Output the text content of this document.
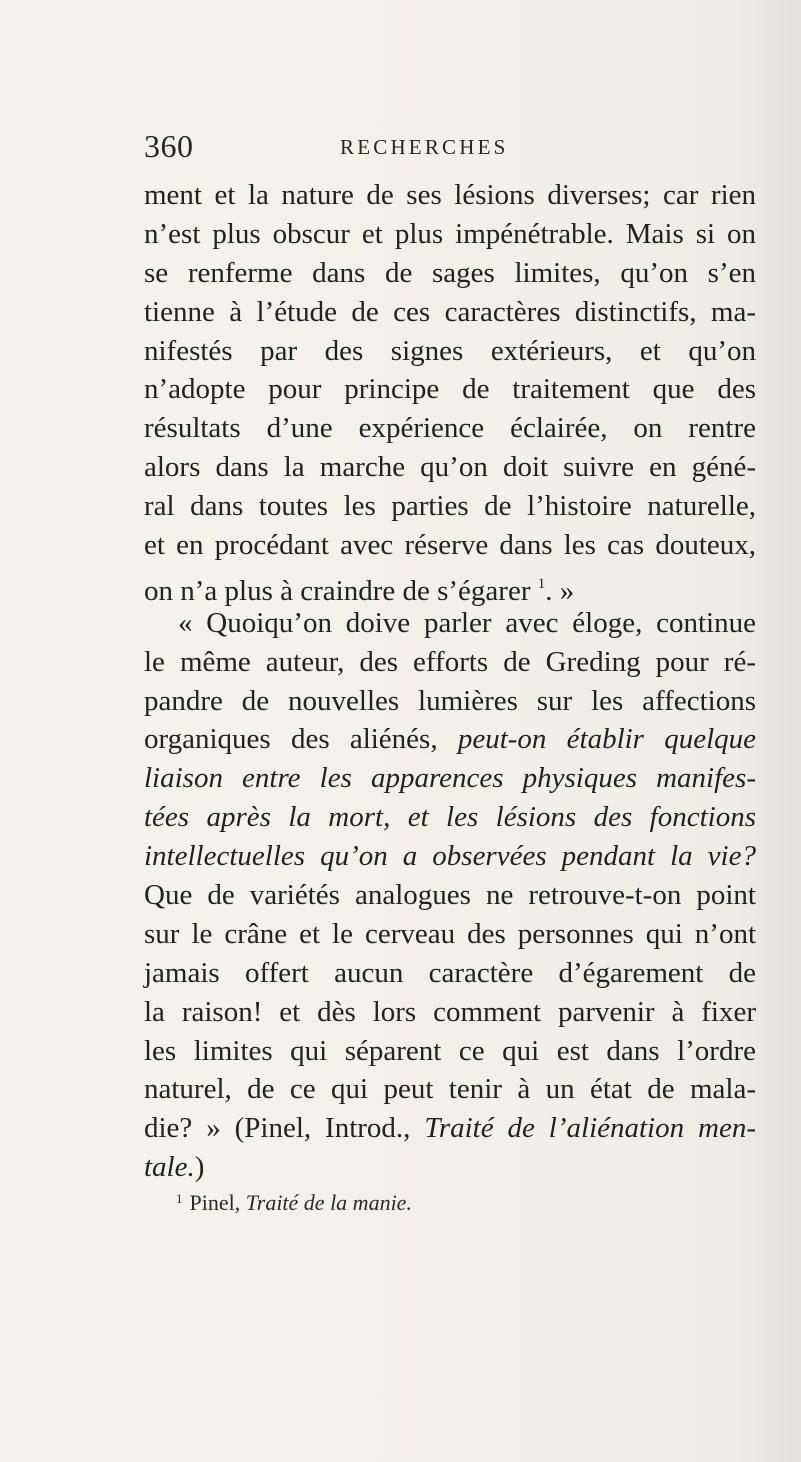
360	RECHERCHES
ment et la nature de ses lésions diverses; car rien
n’est plus obscur et plus impénétrable. Mais si on
se renferme dans de sages limites, qu’on s’en
tienne à l’étude de ces caractères distinctifs, ma-
nifestés par des signes extérieurs, et qu’on
n’adopte pour principe de traitement que des
résultats d’une expérience éclairée, on rentre
alors dans la marche qu’on doit suivre en géné-
ral dans toutes les parties de l’histoire naturelle,
et en procédant avec réserve dans les cas douteux,
on n’a plus à craindre de s’égarer $^1$. »
« Quoiqu’on doive parler avec éloge, continue
le même auteur, des efforts de Greding pour ré-
pandre de nouvelles lumières sur les affections
organiques des aliénés, peut-on établir quelque
liaison entre les apparences physiques manifes-
tées après la mort, et les lésions des fonctions
intellectuelles qu’on a observées pendant la vie?
Que de variétés analogues ne retrouve-t-on point
sur le crâne et le cerveau des personnes qui n’ont
jamais offert aucun caractère d’égarement de
la raison! et dès lors comment parvenir à fixer
les limites qui séparent ce qui est dans l’ordre
naturel, de ce qui peut tenir à un état de mala-
die? » (Pinel, Introd., Traité de l’aliénation men-
tale.)
$^1$ Pinel, Traité de la manie.
